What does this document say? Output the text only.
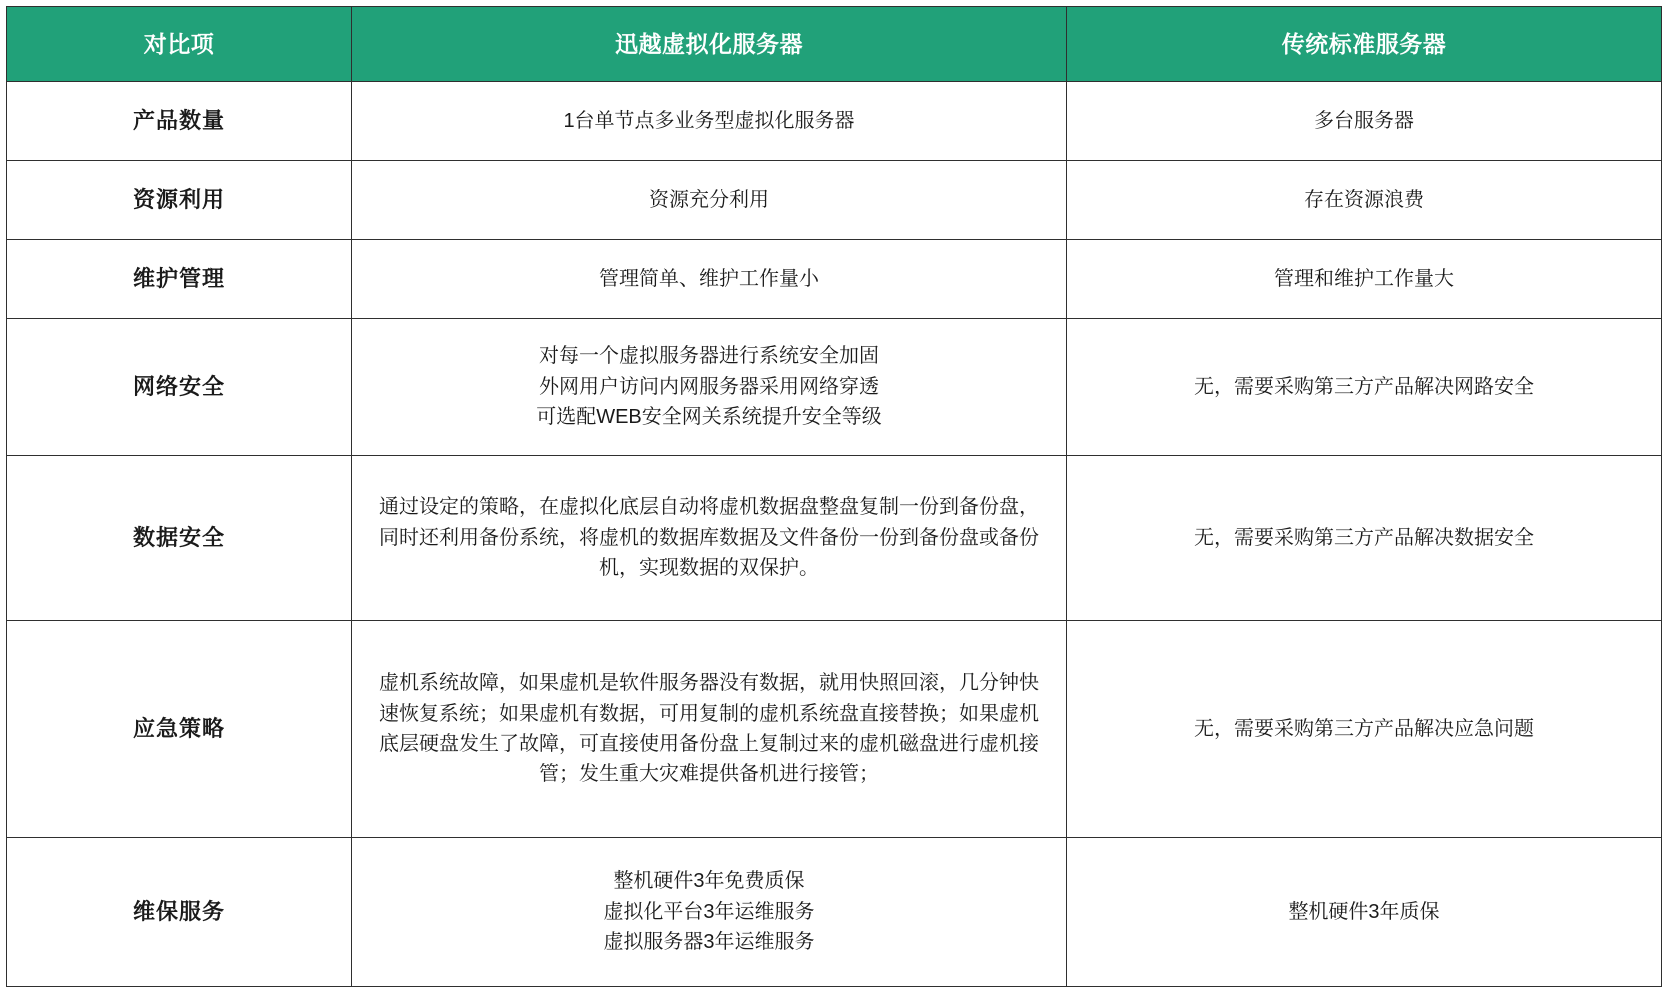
对比项	迅越虚拟化服务器	传统标准服务器
产品数量	1台单节点多业务型虚拟化服务器	多台服务器

资源利用	资源充分利用	存在资源浪费

维护管理	管理简单、维护工作量小	管理和维护工作量大

网络安全	对每一个虚拟服务器进行系统安全加固
外网用户访问内网服务器采用网络穿透
可选配WEB安全网关系统提升安全等级	无，需要采购第三方产品解决网路安全

数据安全	通过设定的策略，在虚拟化底层自动将虚机数据盘整盘复制一份到备份盘，同时还利用备份系统，将虚机的数据库数据及文件备份一份到备份盘或备份机，实现数据的双保护。	无，需要采购第三方产品解决数据安全

应急策略	虚机系统故障，如果虚机是软件服务器没有数据，就用快照回滚，几分钟快速恢复系统；如果虚机有数据，可用复制的虚机系统盘直接替换；如果虚机底层硬盘发生了故障，可直接使用备份盘上复制过来的虚机磁盘进行虚机接管；发生重大灾难提供备机进行接管；	无，需要采购第三方产品解决应急问题

维保服务	整机硬件3年免费质保
虚拟化平台3年运维服务
虚拟服务器3年运维服务	整机硬件3年质保
